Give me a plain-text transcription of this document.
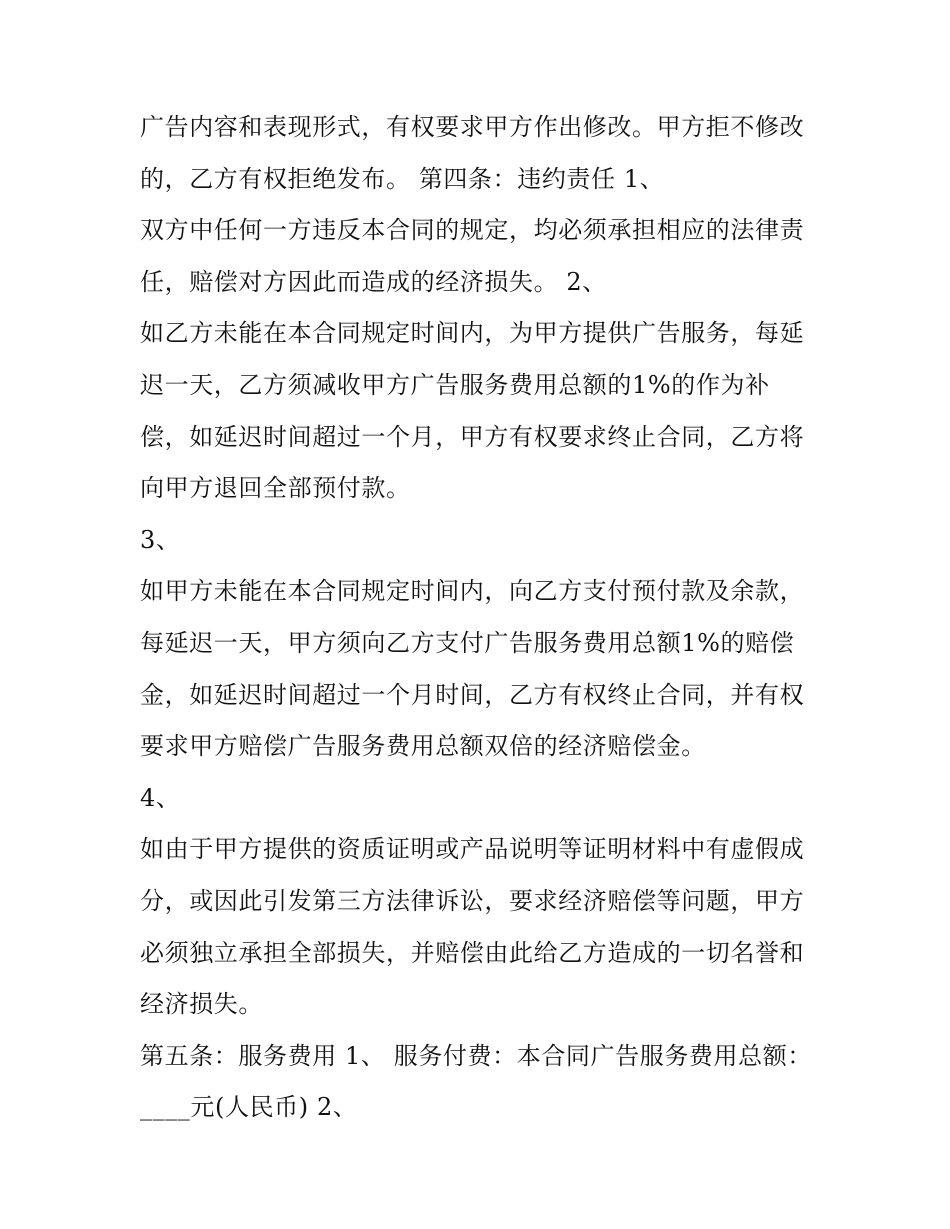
广告内容和表现形式，有权要求甲方作出修改。甲方拒不修改
的，乙方有权拒绝发布。 第四条：违约责任 1、
双方中任何一方违反本合同的规定，均必须承担相应的法律责
任，赔偿对方因此而造成的经济损失。 2、
如乙方未能在本合同规定时间内，为甲方提供广告服务，每延
迟一天，乙方须减收甲方广告服务费用总额的1%的作为补
偿，如延迟时间超过一个月，甲方有权要求终止合同，乙方将
向甲方退回全部预付款。
3、
如甲方未能在本合同规定时间内，向乙方支付预付款及余款，
每延迟一天，甲方须向乙方支付广告服务费用总额1%的赔偿
金，如延迟时间超过一个月时间，乙方有权终止合同，并有权
要求甲方赔偿广告服务费用总额双倍的经济赔偿金。
4、
如由于甲方提供的资质证明或产品说明等证明材料中有虚假成
分，或因此引发第三方法律诉讼，要求经济赔偿等问题，甲方
必须独立承担全部损失，并赔偿由此给乙方造成的一切名誉和
经济损失。
第五条：服务费用 1、 服务付费：本合同广告服务费用总额：
____元(人民币) 2、
